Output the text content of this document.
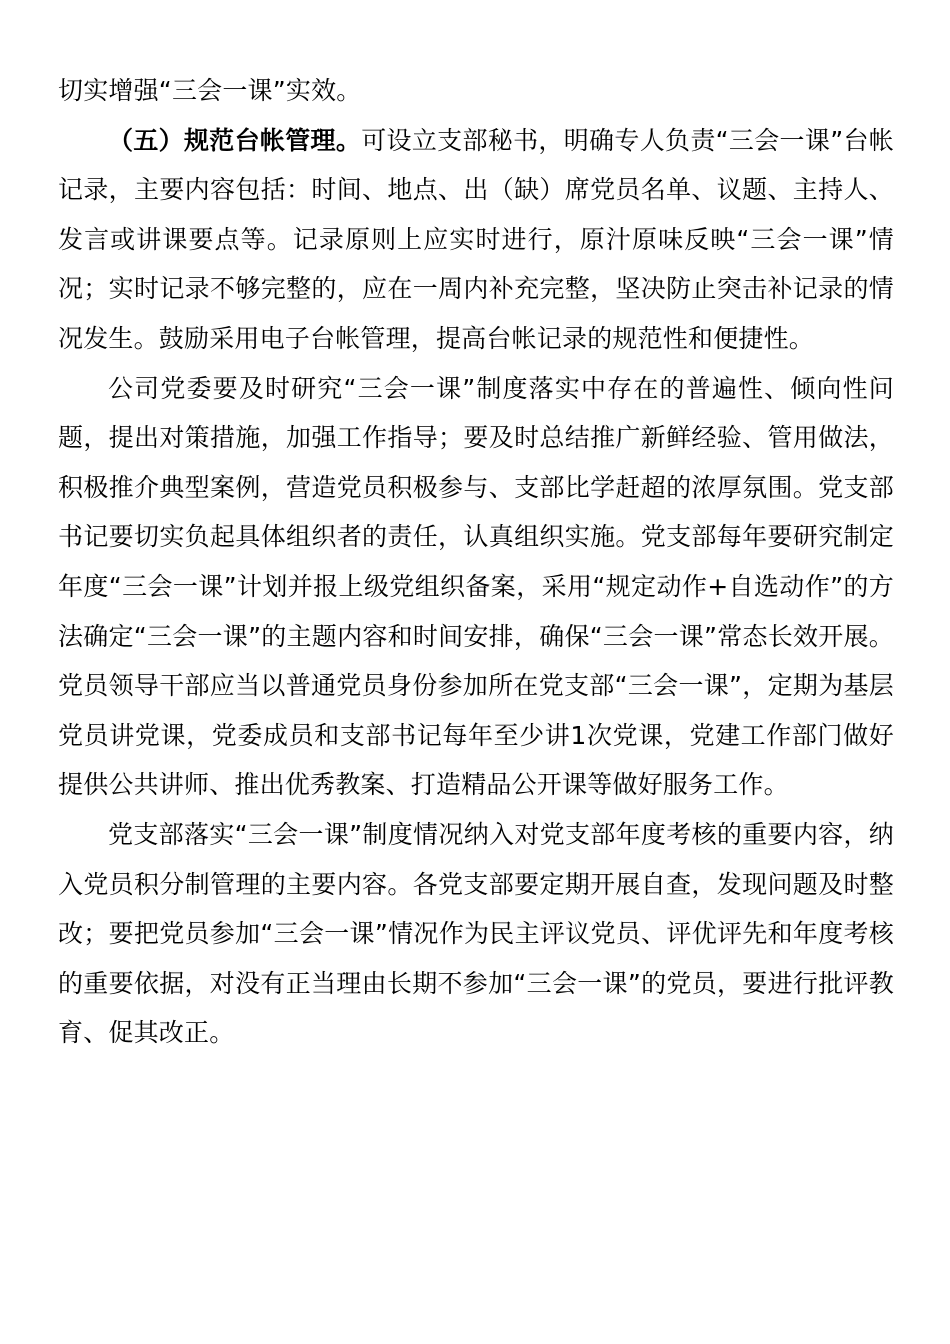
切实增强“三会一课”实效。

（五）规范台帐管理。可设立支部秘书，明确专人负责“三会一课”台帐记录，主要内容包括：时间、地点、出（缺）席党员名单、议题、主持人、发言或讲课要点等。记录原则上应实时进行，原汁原味反映“三会一课”情况；实时记录不够完整的，应在一周内补充完整，坚决防止突击补记录的情况发生。鼓励采用电子台帐管理，提高台帐记录的规范性和便捷性。

公司党委要及时研究“三会一课”制度落实中存在的普遍性、倾向性问题，提出对策措施，加强工作指导；要及时总结推广新鲜经验、管用做法，积极推介典型案例，营造党员积极参与、支部比学赶超的浓厚氛围。党支部书记要切实负起具体组织者的责任，认真组织实施。党支部每年要研究制定年度“三会一课”计划并报上级党组织备案，采用“规定动作+自选动作”的方法确定“三会一课”的主题内容和时间安排，确保“三会一课”常态长效开展。党员领导干部应当以普通党员身份参加所在党支部“三会一课”，定期为基层党员讲党课，党委成员和支部书记每年至少讲1次党课，党建工作部门做好提供公共讲师、推出优秀教案、打造精品公开课等做好服务工作。

党支部落实“三会一课”制度情况纳入对党支部年度考核的重要内容，纳入党员积分制管理的主要内容。各党支部要定期开展自查，发现问题及时整改；要把党员参加“三会一课”情况作为民主评议党员、评优评先和年度考核的重要依据，对没有正当理由长期不参加“三会一课”的党员，要进行批评教育、促其改正。
